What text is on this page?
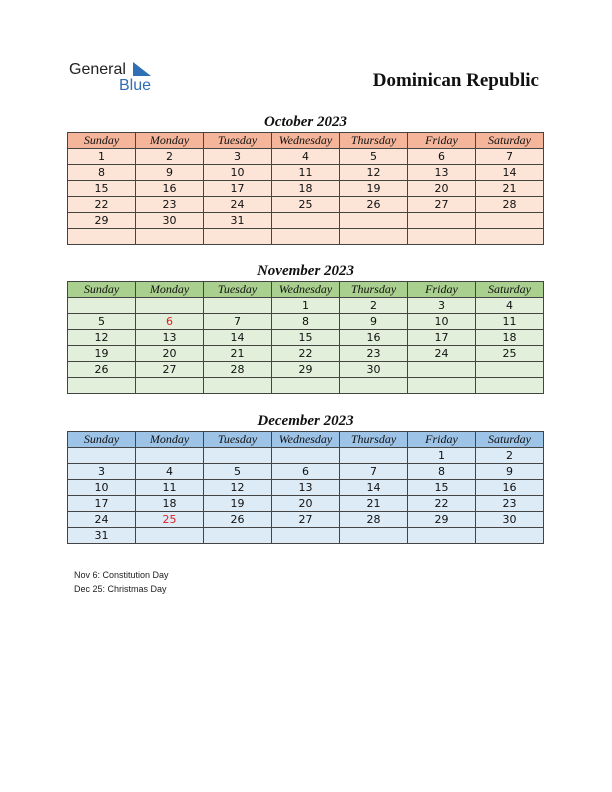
General
Blue	Dominican Republic
October 2023
Sunday	Monday	Tuesday	Wednesday	Thursday	Friday	Saturday
1	2	3	4	5	6	7
8	9	10	11	12	13	14
15	16	17	18	19	20	21
22	23	24	25	26	27	28
29	30	31				

November 2023
Sunday	Monday	Tuesday	Wednesday	Thursday	Friday	Saturday
			1	2	3	4
5	6	7	8	9	10	11
12	13	14	15	16	17	18
19	20	21	22	23	24	25
26	27	28	29	30		

December 2023
Sunday	Monday	Tuesday	Wednesday	Thursday	Friday	Saturday
					1	2
3	4	5	6	7	8	9
10	11	12	13	14	15	16
17	18	19	20	21	22	23
24	25	26	27	28	29	30
31						
Nov 6: Constitution Day
Dec 25: Christmas Day
